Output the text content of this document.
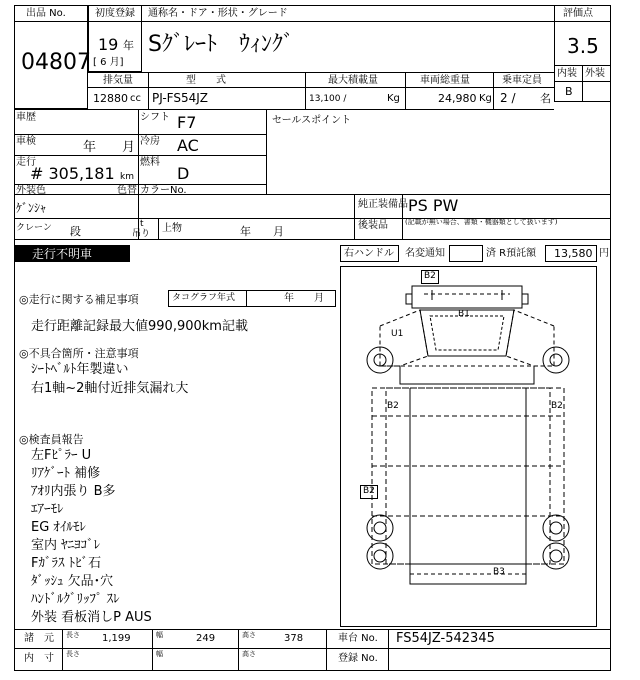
出品 No.
04807
初度登録
19 年
[ 6 月]
通称名・ドア・形状・グレード
Sｸﾞﾚｰﾄ　ｳｨﾝｸﾞ
評価点
3.5
内装 外装
B
排気量	型　　式	最大積載量	車両総重量	乗車定員
12880 cc PJ-FS54JZ	13,100 /	Kg	24,980 Kg 2 / 名
車歴	シフト F7	セールスポイント
車検	年　　月 冷房 AC
走行
# 305,181 km
燃料
D
外装色
ｹﾞﾝｼｬ
色替 カラーNo.
純正装備品 PS PW
後装品 (記載が無い場合、書類・機器類として扱います)
クレーン 段
t
吊り 上物	年　　月
走行不明車	右ハンドル 名変通知	済 R預託額 13,580 円
◎走行に関する補足事項	タコグラフ年式	年　　月
走行距離記録最大値990,900km記載
◎不具合箇所・注意事項
ｼｰﾄﾍﾞﾙﾄ年製違い
右1軸~2軸付近排気漏れ大
◎検査員報告
左Fﾋﾟﾗｰ U
ﾘｱｹﾞｰﾄ 補修
ｱｵﾘ内張り B多
ｴｱｰﾓﾚ
EG ｵｲﾙﾓﾚ
室内 ﾔﾆﾖｺﾞﾚ
Fｶﾞﾗｽ ﾄﾋﾞ石
ﾀﾞｯｼｭ 欠品･穴
ﾊﾝﾄﾞﾙｸﾞﾘｯﾌﾟ ｽﾚ
外装 看板消しP AUS
B2
B1
U1
B2	B2
B2
B3
諸　元 長さ 1,199	幅	249	高さ	378	車台 No. FS54JZ-542345
内　寸 長さ	幅	高さ	登録 No.
